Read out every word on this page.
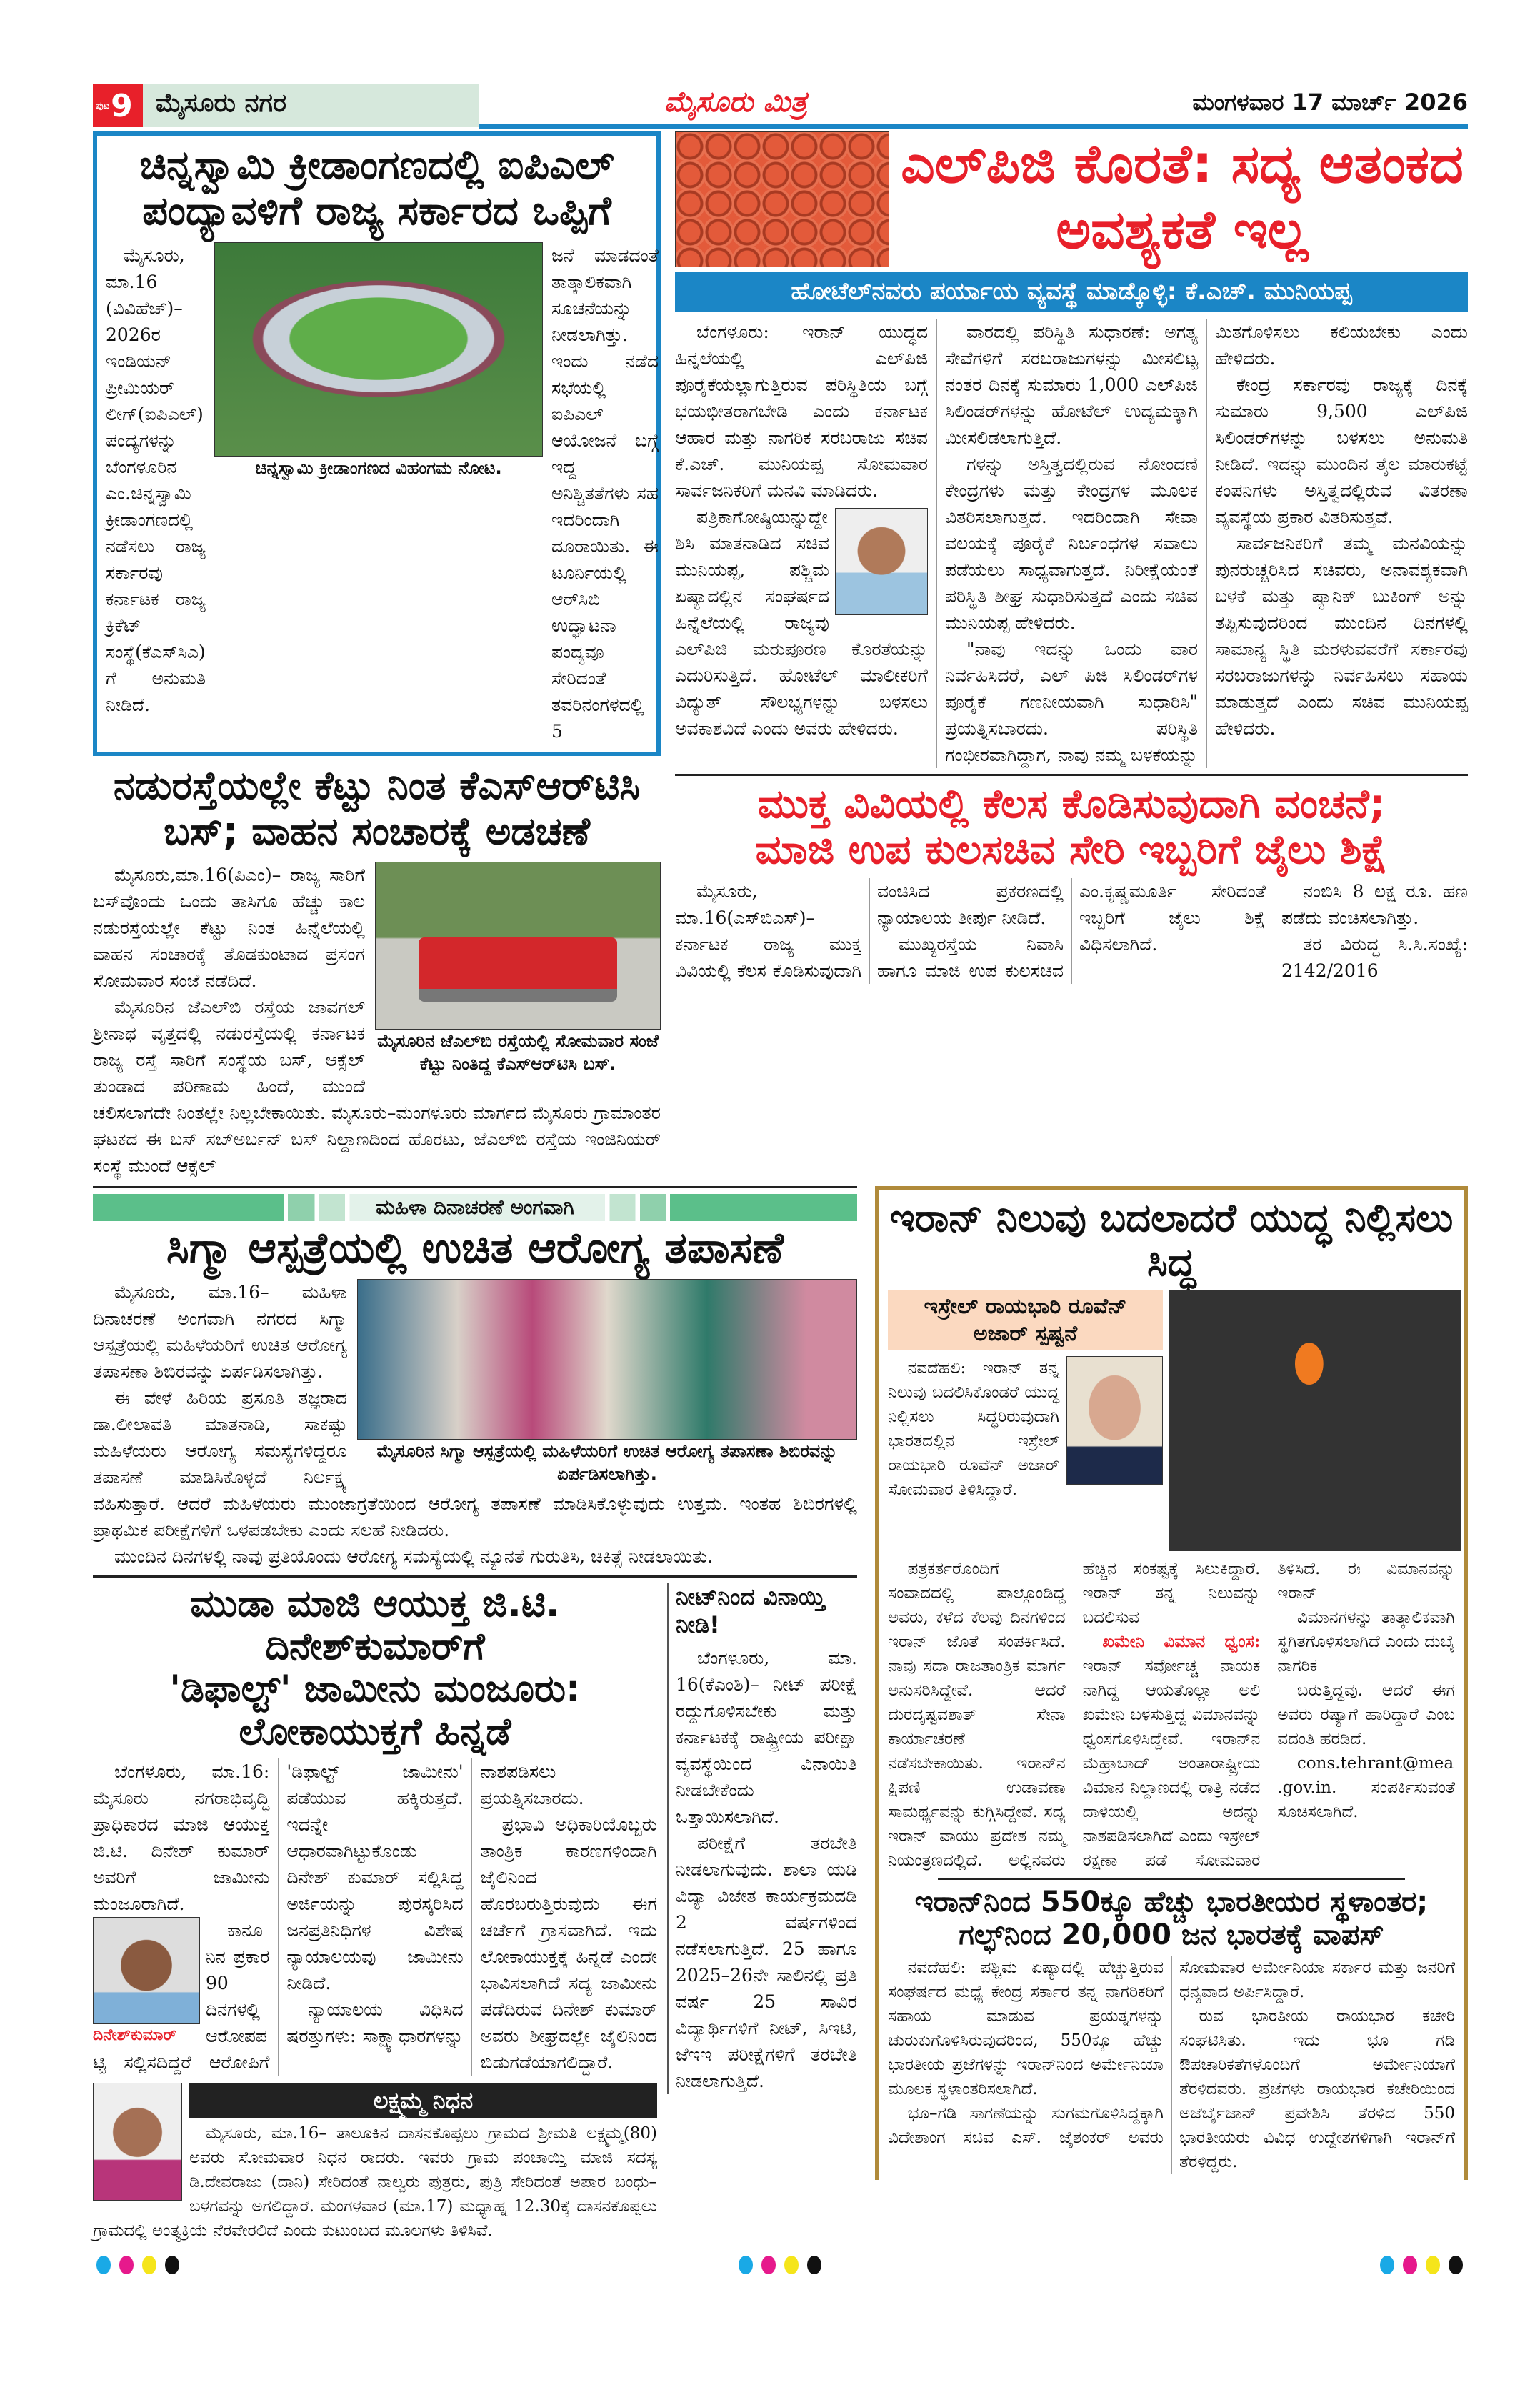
ಪುಟ 9 ಮೈಸೂರು ನಗರ	ಮೈಸೂರು ಮಿತ್ರ	ಮಂಗಳವಾರ 17 ಮಾರ್ಚ್ 2026
ಚಿನ್ನಸ್ವಾಮಿ ಕ್ರೀಡಾಂಗಣದಲ್ಲಿ ಐಪಿಎಲ್ ಪಂದ್ಯಾವಳಿಗೆ ರಾಜ್ಯ ಸರ್ಕಾರದ ಒಪ್ಪಿಗೆ
ಮೈಸೂರು, ಮಾ.16 (ವಿವಿಹೆಚ್)– 2026ರ ಇಂಡಿಯನ್ ಪ್ರೀಮಿಯರ್ ಲೀಗ್(ಐಪಿಎಲ್) ಪಂದ್ಯಗಳನ್ನು ಬೆಂಗಳೂರಿನ ಎಂ.ಚಿನ್ನಸ್ವಾಮಿ ಕ್ರೀಡಾಂಗಣದಲ್ಲಿ ನಡೆಸಲು ರಾಜ್ಯ ಸರ್ಕಾರವು ಕರ್ನಾಟಕ ರಾಜ್ಯ ಕ್ರಿಕೆಟ್ ಸಂಸ್ಥೆ(ಕೆಎಸ್‌ಸಿಎ)ಗೆ ಅನುಮತಿ ನೀಡಿದೆ.
ಚಿನ್ನಸ್ವಾಮಿ ಕ್ರೀಡಾಂಗಣದ ವಿಹಂಗಮ ನೋಟ.
ಜನೆ ಮಾಡದಂತೆ ತಾತ್ಕಾಲಿಕವಾಗಿ ಸೂಚನೆಯನ್ನು ನೀಡಲಾಗಿತ್ತು. ಇಂದು ನಡೆದ ಸಭೆಯಲ್ಲಿ ಐಪಿಎಲ್ ಆಯೋಜನೆ ಬಗ್ಗೆ ಇದ್ದ ಅನಿಶ್ಚಿತತೆಗಳು ಸಹ ಇದರಿಂದಾಗಿ ದೂರಾಯಿತು. ಈ ಟೂರ್ನಿಯಲ್ಲಿ ಆರ್‌ಸಿಬಿ ಉದ್ಘಾಟನಾ ಪಂದ್ಯವೂ ಸೇರಿದಂತೆ ತವರಿನಂಗಳದಲ್ಲಿ 5
ನಡುರಸ್ತೆಯಲ್ಲೇ ಕೆಟ್ಟು ನಿಂತ ಕೆಎಸ್‌ಆರ್‌ಟಿಸಿ ಬಸ್; ವಾಹನ ಸಂಚಾರಕ್ಕೆ ಅಡಚಣೆ
ಮೈಸೂರಿನ ಜೆಎಲ್‌ಬಿ ರಸ್ತೆಯಲ್ಲಿ ಸೋಮವಾರ ಸಂಜೆ ಕೆಟ್ಟು ನಿಂತಿದ್ದ ಕೆಎಸ್‌ಆರ್‌ಟಿಸಿ ಬಸ್.

ಮೈಸೂರು,ಮಾ.16(ಪಿಎಂ)– ರಾಜ್ಯ ಸಾರಿಗೆ ಬಸ್‌ವೊಂದು ಒಂದು ತಾಸಿಗೂ ಹೆಚ್ಚು ಕಾಲ ನಡುರಸ್ತೆಯಲ್ಲೇ ಕೆಟ್ಟು ನಿಂತ ಹಿನ್ನೆಲೆಯಲ್ಲಿ ವಾಹನ ಸಂಚಾರಕ್ಕೆ ತೊಡಕುಂಟಾದ ಪ್ರಸಂಗ ಸೋಮವಾರ ಸಂಜೆ ನಡೆದಿದೆ.

ಮೈಸೂರಿನ ಜೆಎಲ್‌ಬಿ ರಸ್ತೆಯ ಜಾವಗಲ್ ಶ್ರೀನಾಥ ವೃತ್ತದಲ್ಲಿ ನಡುರಸ್ತೆಯಲ್ಲಿ ಕರ್ನಾಟಕ ರಾಜ್ಯ ರಸ್ತೆ ಸಾರಿಗೆ ಸಂಸ್ಥೆಯ ಬಸ್, ಆಕ್ಸೆಲ್ ತುಂಡಾದ ಪರಿಣಾಮ ಹಿಂದೆ, ಮುಂದೆ ಚಲಿಸಲಾಗದೇ ನಿಂತಲ್ಲೇ ನಿಲ್ಲಬೇಕಾಯಿತು. ಮೈಸೂರು–ಮಂಗಳೂರು ಮಾರ್ಗದ ಮೈಸೂರು ಗ್ರಾಮಾಂತರ ಘಟಕದ ಈ ಬಸ್ ಸಬ್‌ಅರ್ಬನ್ ಬಸ್ ನಿಲ್ದಾಣದಿಂದ ಹೊರಟು, ಜೆಎಲ್‌ಬಿ ರಸ್ತೆಯ ಇಂಜಿನಿಯರ್ ಸಂಸ್ಥೆ ಮುಂದೆ ಆಕ್ಸೆಲ್

ಎಲ್‌ಪಿಜಿ ಕೊರತೆ: ಸದ್ಯ ಆತಂಕದ ಅವಶ್ಯಕತೆ ಇಲ್ಲ
ಹೋಟೆಲ್‌ನವರು ಪರ್ಯಾಯ ವ್ಯವಸ್ಥೆ ಮಾಡ್ಕೊಳ್ಳಿ: ಕೆ.ಎಚ್. ಮುನಿಯಪ್ಪ

ಬೆಂಗಳೂರು: ಇರಾನ್ ಯುದ್ಧದ ಹಿನ್ನಲೆಯಲ್ಲಿ ಎಲ್‌ಪಿಜಿ ಪೂರೈಕೆಯಲ್ಲಾಗುತ್ತಿರುವ ಪರಿಸ್ಥಿತಿಯ ಬಗ್ಗೆ ಭಯಭೀತರಾಗಬೇಡಿ ಎಂದು ಕರ್ನಾಟಕ ಆಹಾರ ಮತ್ತು ನಾಗರಿಕ ಸರಬರಾಜು ಸಚಿವ ಕೆ.ಎಚ್. ಮುನಿಯಪ್ಪ ಸೋಮವಾರ ಸಾರ್ವಜನಿಕರಿಗೆ ಮನವಿ ಮಾಡಿದರು.

ಪತ್ರಿಕಾಗೋಷ್ಠಿಯನ್ನುದ್ದೇಶಿಸಿ ಮಾತನಾಡಿದ ಸಚಿವ ಮುನಿಯಪ್ಪ, ಪಶ್ಚಿಮ ಏಷ್ಯಾದಲ್ಲಿನ ಸಂಘರ್ಷದ ಹಿನ್ನೆಲೆಯಲ್ಲಿ ರಾಜ್ಯವು ಎಲ್‌ಪಿಜಿ ಮರುಪೂರಣ ಕೊರತೆಯನ್ನು ಎದುರಿಸುತ್ತಿದೆ. ಹೋಟೆಲ್ ಮಾಲೀಕರಿಗೆ ವಿದ್ಯುತ್ ಸೌಲಭ್ಯಗಳನ್ನು ಬಳಸಲು ಅವಕಾಶವಿದೆ ಎಂದು ಅವರು ಹೇಳಿದರು.

ವಾರದಲ್ಲಿ ಪರಿಸ್ಥಿತಿ ಸುಧಾರಣೆ: ಅಗತ್ಯ ಸೇವೆಗಳಿಗೆ ಸರಬರಾಜುಗಳನ್ನು ಮೀಸಲಿಟ್ಟ ನಂತರ ದಿನಕ್ಕೆ ಸುಮಾರು 1,000 ಎಲ್‌ಪಿಜಿ ಸಿಲಿಂಡರ್‌ಗಳನ್ನು ಹೋಟೆಲ್ ಉದ್ಯಮಕ್ಕಾಗಿ ಮೀಸಲಿಡಲಾಗುತ್ತಿದೆ.

ಗಳನ್ನು ಅಸ್ತಿತ್ವದಲ್ಲಿರುವ ನೋಂದಣಿ ಕೇಂದ್ರಗಳು ಮತ್ತು ಕೇಂದ್ರಗಳ ಮೂಲಕ ವಿತರಿಸಲಾಗುತ್ತದೆ. ಇದರಿಂದಾಗಿ ಸೇವಾ ವಲಯಕ್ಕೆ ಪೂರೈಕೆ ನಿರ್ಬಂಧಗಳ ಸವಾಲು ಪಡೆಯಲು ಸಾಧ್ಯವಾಗುತ್ತದೆ. ನಿರೀಕ್ಷೆಯಂತೆ ಪರಿಸ್ಥಿತಿ ಶೀಘ್ರ ಸುಧಾರಿಸುತ್ತದೆ ಎಂದು ಸಚಿವ ಮುನಿಯಪ್ಪ ಹೇಳಿದರು.

"ನಾವು ಇದನ್ನು ಒಂದು ವಾರ ನಿರ್ವಹಿಸಿದರೆ, ಎಲ್ ಪಿಜಿ ಸಿಲಿಂಡರ್‌ಗಳ ಪೂರೈಕೆ ಗಣನೀಯವಾಗಿ ಸುಧಾರಿಸಿ" ಪ್ರಯತ್ನಿಸಬಾರದು. ಪರಿಸ್ಥಿತಿ ಗಂಭೀರವಾಗಿದ್ದಾಗ, ನಾವು ನಮ್ಮ ಬಳಕೆಯನ್ನು ಮಿತಗೊಳಿಸಲು ಕಲಿಯಬೇಕು ಎಂದು ಹೇಳಿದರು.

ಕೇಂದ್ರ ಸರ್ಕಾರವು ರಾಜ್ಯಕ್ಕೆ ದಿನಕ್ಕೆ ಸುಮಾರು 9,500 ಎಲ್‌ಪಿಜಿ ಸಿಲಿಂಡರ್‌ಗಳನ್ನು ಬಳಸಲು ಅನುಮತಿ ನೀಡಿದೆ. ಇದನ್ನು ಮುಂದಿನ ತೈಲ ಮಾರುಕಟ್ಟೆ ಕಂಪನಿಗಳು ಅಸ್ತಿತ್ವದಲ್ಲಿರುವ ವಿತರಣಾ ವ್ಯವಸ್ಥೆಯ ಪ್ರಕಾರ ವಿತರಿಸುತ್ತವೆ.

ಸಾರ್ವಜನಿಕರಿಗೆ ತಮ್ಮ ಮನವಿಯನ್ನು ಪುನರುಚ್ಚರಿಸಿದ ಸಚಿವರು, ಅನಾವಶ್ಯಕವಾಗಿ ಬಳಕೆ ಮತ್ತು ಪ್ಯಾನಿಕ್ ಬುಕಿಂಗ್ ಅನ್ನು ತಪ್ಪಿಸುವುದರಿಂದ ಮುಂದಿನ ದಿನಗಳಲ್ಲಿ ಸಾಮಾನ್ಯ ಸ್ಥಿತಿ ಮರಳುವವರೆಗೆ ಸರ್ಕಾರವು ಸರಬರಾಜುಗಳನ್ನು ನಿರ್ವಹಿಸಲು ಸಹಾಯ ಮಾಡುತ್ತದೆ ಎಂದು ಸಚಿವ ಮುನಿಯಪ್ಪ ಹೇಳಿದರು.

ಮುಕ್ತ ವಿವಿಯಲ್ಲಿ ಕೆಲಸ ಕೊಡಿಸುವುದಾಗಿ ವಂಚನೆ;
ಮಾಜಿ ಉಪ ಕುಲಸಚಿವ ಸೇರಿ ಇಬ್ಬರಿಗೆ ಜೈಲು ಶಿಕ್ಷೆ

ಮೈಸೂರು, ಮಾ.16(ಎಸ್‌ಬಿಎಸ್)– ಕರ್ನಾಟಕ ರಾಜ್ಯ ಮುಕ್ತ ವಿವಿಯಲ್ಲಿ ಕೆಲಸ ಕೊಡಿಸುವುದಾಗಿ ವಂಚಿಸಿದ ಪ್ರಕರಣದಲ್ಲಿ ನ್ಯಾಯಾಲಯ ತೀರ್ಪು ನೀಡಿದೆ.

ಮುಖ್ಯರಸ್ತೆಯ ನಿವಾಸಿ ಹಾಗೂ ಮಾಜಿ ಉಪ ಕುಲಸಚಿವ ಎಂ.ಕೃಷ್ಣಮೂರ್ತಿ ಸೇರಿದಂತೆ ಇಬ್ಬರಿಗೆ ಜೈಲು ಶಿಕ್ಷೆ ವಿಧಿಸಲಾಗಿದೆ.

ನಂಬಿಸಿ 8 ಲಕ್ಷ ರೂ. ಹಣ ಪಡೆದು ವಂಚಿಸಲಾಗಿತ್ತು.

ತರ ವಿರುದ್ಧ ಸಿ.ಸಿ.ಸಂಖ್ಯೆ: 2142/2016

ಮಹಿಳಾ ದಿನಾಚರಣೆ ಅಂಗವಾಗಿ
ಸಿಗ್ಮಾ ಆಸ್ಪತ್ರೆಯಲ್ಲಿ ಉಚಿತ ಆರೋಗ್ಯ ತಪಾಸಣೆ
ಮೈಸೂರಿನ ಸಿಗ್ಮಾ ಆಸ್ಪತ್ರೆಯಲ್ಲಿ ಮಹಿಳೆಯರಿಗೆ ಉಚಿತ ಆರೋಗ್ಯ ತಪಾಸಣಾ ಶಿಬಿರವನ್ನು ಏರ್ಪಡಿಸಲಾಗಿತ್ತು.

ಮೈಸೂರು, ಮಾ.16– ಮಹಿಳಾ ದಿನಾಚರಣೆ ಅಂಗವಾಗಿ ನಗರದ ಸಿಗ್ಮಾ ಆಸ್ಪತ್ರೆಯಲ್ಲಿ ಮಹಿಳೆಯರಿಗೆ ಉಚಿತ ಆರೋಗ್ಯ ತಪಾಸಣಾ ಶಿಬಿರವನ್ನು ಏರ್ಪಡಿಸಲಾಗಿತ್ತು.

ಈ ವೇಳೆ ಹಿರಿಯ ಪ್ರಸೂತಿ ತಜ್ಞರಾದ ಡಾ.ಲೀಲಾವತಿ ಮಾತನಾಡಿ, ಸಾಕಷ್ಟು ಮಹಿಳೆಯರು ಆರೋಗ್ಯ ಸಮಸ್ಯೆಗಳಿದ್ದರೂ ತಪಾಸಣೆ ಮಾಡಿಸಿಕೊಳ್ಳದೆ ನಿರ್ಲಕ್ಷ್ಯ ವಹಿಸುತ್ತಾರೆ. ಆದರೆ ಮಹಿಳೆಯರು ಮುಂಜಾಗ್ರತೆಯಿಂದ ಆರೋಗ್ಯ ತಪಾಸಣೆ ಮಾಡಿಸಿಕೊಳ್ಳುವುದು ಉತ್ತಮ. ಇಂತಹ ಶಿಬಿರಗಳಲ್ಲಿ ಪ್ರಾಥಮಿಕ ಪರೀಕ್ಷೆಗಳಿಗೆ ಒಳಪಡಬೇಕು ಎಂದು ಸಲಹೆ ನೀಡಿದರು.

ಮುಂದಿನ ದಿನಗಳಲ್ಲಿ ನಾವು ಪ್ರತಿಯೊಂದು ಆರೋಗ್ಯ ಸಮಸ್ಯೆಯಲ್ಲಿ ನ್ಯೂನತೆ ಗುರುತಿಸಿ, ಚಿಕಿತ್ಸೆ ನೀಡಲಾಯಿತು.

ಮುಡಾ ಮಾಜಿ ಆಯುಕ್ತ ಜಿ.ಟಿ. ದಿನೇಶ್‌ಕುಮಾರ್‌ಗೆ
'ಡಿಫಾಲ್ಟ್' ಜಾಮೀನು ಮಂಜೂರು: ಲೋಕಾಯುಕ್ತಗೆ ಹಿನ್ನಡೆ

ಬೆಂಗಳೂರು, ಮಾ.16: ಮೈಸೂರು ನಗರಾಭಿವೃದ್ಧಿ ಪ್ರಾಧಿಕಾರದ ಮಾಜಿ ಆಯುಕ್ತ ಜಿ.ಟಿ. ದಿನೇಶ್ ಕುಮಾರ್ ಅವರಿಗೆ ಜಾಮೀನು ಮಂಜೂರಾಗಿದೆ.

ದಿನೇಶ್‌ಕುಮಾರ್

ಕಾನೂನಿನ ಪ್ರಕಾರ 90 ದಿನಗಳಲ್ಲಿ ಆರೋಪಪಟ್ಟಿ ಸಲ್ಲಿಸದಿದ್ದರೆ ಆರೋಪಿಗೆ 'ಡಿಫಾಲ್ಟ್ ಜಾಮೀನು' ಪಡೆಯುವ ಹಕ್ಕಿರುತ್ತದೆ. ಇದನ್ನೇ ಆಧಾರವಾಗಿಟ್ಟುಕೊಂಡು ದಿನೇಶ್ ಕುಮಾರ್ ಸಲ್ಲಿಸಿದ್ದ ಅರ್ಜಿಯನ್ನು ಪುರಸ್ಕರಿಸಿದ ಜನಪ್ರತಿನಿಧಿಗಳ ವಿಶೇಷ ನ್ಯಾಯಾಲಯವು ಜಾಮೀನು ನೀಡಿದೆ.

ನ್ಯಾಯಾಲಯ ವಿಧಿಸಿದ ಷರತ್ತುಗಳು: ಸಾಕ್ಷ್ಯಾಧಾರಗಳನ್ನು ನಾಶಪಡಿಸಲು ಪ್ರಯತ್ನಿಸಬಾರದು.

ಪ್ರಭಾವಿ ಅಧಿಕಾರಿಯೊಬ್ಬರು ತಾಂತ್ರಿಕ ಕಾರಣಗಳಿಂದಾಗಿ ಜೈಲಿನಿಂದ ಹೊರಬರುತ್ತಿರುವುದು ಈಗ ಚರ್ಚೆಗೆ ಗ್ರಾಸವಾಗಿದೆ. ಇದು ಲೋಕಾಯುಕ್ತಕ್ಕೆ ಹಿನ್ನಡೆ ಎಂದೇ ಭಾವಿಸಲಾಗಿದೆ ಸದ್ಯ ಜಾಮೀನು ಪಡೆದಿರುವ ದಿನೇಶ್ ಕುಮಾರ್ ಅವರು ಶೀಘ್ರದಲ್ಲೇ ಜೈಲಿನಿಂದ ಬಿಡುಗಡೆಯಾಗಲಿದ್ದಾರೆ.

ಲಕ್ಷ್ಮಮ್ಮ ನಿಧನ
ಮೈಸೂರು, ಮಾ.16– ತಾಲೂಕಿನ ದಾಸನಕೊಪ್ಪಲು ಗ್ರಾಮದ ಶ್ರೀಮತಿ ಲಕ್ಷ್ಮಮ್ಮ(80) ಅವರು ಸೋಮವಾರ ನಿಧನ ರಾದರು. ಇವರು ಗ್ರಾಮ ಪಂಚಾಯ್ತಿ ಮಾಜಿ ಸದಸ್ಯ ಡಿ.ದೇವರಾಜು (ದಾನಿ) ಸೇರಿದಂತೆ ನಾಲ್ವರು ಪುತ್ರರು, ಪುತ್ರಿ ಸೇರಿದಂತೆ ಅಪಾರ ಬಂಧು–ಬಳಗವನ್ನು ಅಗಲಿದ್ದಾರೆ. ಮಂಗಳವಾರ (ಮಾ.17) ಮಧ್ಯಾಹ್ನ 12.30ಕ್ಕೆ ದಾಸನಕೊಪ್ಪಲು ಗ್ರಾಮದಲ್ಲಿ ಅಂತ್ಯಕ್ರಿಯೆ ನೆರವೇರಲಿದೆ ಎಂದು ಕುಟುಂಬದ ಮೂಲಗಳು ತಿಳಿಸಿವೆ.
ನೀಟ್‌ನಿಂದ ವಿನಾಯ್ತಿ ನೀಡಿ!

ಬೆಂಗಳೂರು, ಮಾ. 16(ಕೆಎಂಶಿ)– ನೀಟ್ ಪರೀಕ್ಷೆ ರದ್ದುಗೊಳಿಸಬೇಕು ಮತ್ತು ಕರ್ನಾಟಕಕ್ಕೆ ರಾಷ್ಟ್ರೀಯ ಪರೀಕ್ಷಾ ವ್ಯವಸ್ಥೆಯಿಂದ ವಿನಾಯಿತಿ ನೀಡಬೇಕೆಂದು ಒತ್ತಾಯಿಸಲಾಗಿದೆ.

ಪರೀಕ್ಷೆಗೆ ತರಬೇತಿ ನೀಡಲಾಗುವುದು. ಶಾಲಾ ಯಡಿ ವಿದ್ಯಾ ವಿಜೇತ ಕಾರ್ಯಕ್ರಮದಡಿ 2 ವರ್ಷಗಳಿಂದ ನಡೆಸಲಾಗುತ್ತಿದೆ. 25 ಹಾಗೂ 2025–26ನೇ ಸಾಲಿನಲ್ಲಿ ಪ್ರತಿ ವರ್ಷ 25 ಸಾವಿರ ವಿದ್ಯಾರ್ಥಿಗಳಿಗೆ ನೀಟ್, ಸಿಇಟಿ, ಜೆಇಇ ಪರೀಕ್ಷೆಗಳಿಗೆ ತರಬೇತಿ ನೀಡಲಾಗುತ್ತಿದೆ.

ಇರಾನ್ ನಿಲುವು ಬದಲಾದರೆ ಯುದ್ಧ ನಿಲ್ಲಿಸಲು ಸಿದ್ಧ
ಇಸ್ರೇಲ್ ರಾಯಭಾರಿ ರೂವೆನ್ ಅಜಾರ್ ಸ್ಪಷ್ಟನೆ

ನವದೆಹಲಿ: ಇರಾನ್ ತನ್ನ ನಿಲುವು ಬದಲಿಸಿಕೊಂಡರೆ ಯುದ್ಧ ನಿಲ್ಲಿಸಲು ಸಿದ್ಧರಿರುವುದಾಗಿ ಭಾರತದಲ್ಲಿನ ಇಸ್ರೇಲ್ ರಾಯಭಾರಿ ರೂವೆನ್ ಅಜಾರ್ ಸೋಮವಾರ ತಿಳಿಸಿದ್ದಾರೆ.

ಪತ್ರಕರ್ತರೊಂದಿಗೆ ಸಂವಾದದಲ್ಲಿ ಪಾಲ್ಗೊಂಡಿದ್ದ ಅವರು, ಕಳೆದ ಕೆಲವು ದಿನಗಳಿಂದ ಇರಾನ್ ಜೊತೆ ಸಂಪರ್ಕಿಸಿದೆ. ನಾವು ಸದಾ ರಾಜತಾಂತ್ರಿಕ ಮಾರ್ಗ ಅನುಸರಿಸಿದ್ದೇವೆ. ಆದರೆ ದುರದೃಷ್ಟವಶಾತ್ ಸೇನಾ ಕಾರ್ಯಾಚರಣೆ ನಡೆಸಬೇಕಾಯಿತು. ಇರಾನ್‌ನ ಕ್ಷಿಪಣಿ ಉಡಾವಣಾ ಸಾಮರ್ಥ್ಯವನ್ನು ಕುಗ್ಗಿಸಿದ್ದೇವೆ. ಸದ್ಯ ಇರಾನ್ ವಾಯು ಪ್ರದೇಶ ನಮ್ಮ ನಿಯಂತ್ರಣದಲ್ಲಿದೆ. ಅಲ್ಲಿನವರು ಹೆಚ್ಚಿನ ಸಂಕಷ್ಟಕ್ಕೆ ಸಿಲುಕಿದ್ದಾರೆ. ಇರಾನ್ ತನ್ನ ನಿಲುವನ್ನು ಬದಲಿಸುವ

ಖಮೇನಿ ವಿಮಾನ ಧ್ವಂಸ: ಇರಾನ್ ಸರ್ವೋಚ್ಚ ನಾಯಕ ನಾಗಿದ್ದ ಆಯತೊಲ್ಲಾ ಅಲಿ ಖಮೇನಿ ಬಳಸುತ್ತಿದ್ದ ವಿಮಾನವನ್ನು ಧ್ವಂಸಗೊಳಿಸಿದ್ದೇವೆ. ಇರಾನ್‌ನ ಮೆಹ್ರಾಬಾದ್ ಅಂತಾರಾಷ್ಟ್ರೀಯ ವಿಮಾನ ನಿಲ್ದಾಣದಲ್ಲಿ ರಾತ್ರಿ ನಡೆದ ದಾಳಿಯಲ್ಲಿ ಅದನ್ನು ನಾಶಪಡಿಸಲಾಗಿದೆ ಎಂದು ಇಸ್ರೇಲ್ ರಕ್ಷಣಾ ಪಡೆ ಸೋಮವಾರ ತಿಳಿಸಿದೆ. ಈ ವಿಮಾನವನ್ನು ಇರಾನ್

ವಿಮಾನಗಳನ್ನು ತಾತ್ಕಾಲಿಕವಾಗಿ ಸ್ಥಗಿತಗೊಳಿಸಲಾಗಿದೆ ಎಂದು ದುಬೈ ನಾಗರಿಕ

ಬರುತ್ತಿದ್ದವು. ಆದರೆ ಈಗ ಅವರು ರಷ್ಯಾಗೆ ಹಾರಿದ್ದಾರೆ ಎಂಬ ವದಂತಿ ಹರಡಿದೆ.

cons.tehrant@mea.gov.in. ಸಂಪರ್ಕಿಸುವಂತೆ ಸೂಚಿಸಲಾಗಿದೆ.

ಇರಾನ್‌ನಿಂದ 550ಕ್ಕೂ ಹೆಚ್ಚು ಭಾರತೀಯರ ಸ್ಥಳಾಂತರ;
ಗಲ್ಫ್‌ನಿಂದ 20,000 ಜನ ಭಾರತಕ್ಕೆ ವಾಪಸ್

ನವದೆಹಲಿ: ಪಶ್ಚಿಮ ಏಷ್ಯಾದಲ್ಲಿ ಹೆಚ್ಚುತ್ತಿರುವ ಸಂಘರ್ಷದ ಮಧ್ಯೆ ಕೇಂದ್ರ ಸರ್ಕಾರ ತನ್ನ ನಾಗರಿಕರಿಗೆ ಸಹಾಯ ಮಾಡುವ ಪ್ರಯತ್ನಗಳನ್ನು ಚುರುಕುಗೊಳಿಸಿರುವುದರಿಂದ, 550ಕ್ಕೂ ಹೆಚ್ಚು ಭಾರತೀಯ ಪ್ರಜೆಗಳನ್ನು ಇರಾನ್‌ನಿಂದ ಅರ್ಮೇನಿಯಾ ಮೂಲಕ ಸ್ಥಳಾಂತರಿಸಲಾಗಿದೆ.

ಭೂ–ಗಡಿ ಸಾಗಣೆಯನ್ನು ಸುಗಮಗೊಳಿಸಿದ್ದಕ್ಕಾಗಿ ವಿದೇಶಾಂಗ ಸಚಿವ ಎಸ್. ಜೈಶಂಕರ್ ಅವರು ಸೋಮವಾರ ಅರ್ಮೇನಿಯಾ ಸರ್ಕಾರ ಮತ್ತು ಜನರಿಗೆ ಧನ್ಯವಾದ ಅರ್ಪಿಸಿದ್ದಾರೆ.

ರುವ ಭಾರತೀಯ ರಾಯಭಾರ ಕಚೇರಿ ಸಂಘಟಿಸಿತು. ಇದು ಭೂ ಗಡಿ ಔಪಚಾರಿಕತೆಗಳೊಂದಿಗೆ ಅರ್ಮೇನಿಯಾಗೆ ತೆರಳಿದವರು. ಪ್ರಜೆಗಳು ರಾಯಭಾರ ಕಚೇರಿಯಿಂದ ಅಜೆರ್ಬೈಜಾನ್ ಪ್ರವೇಶಿಸಿ ತೆರಳಿದ 550 ಭಾರತೀಯರು ವಿವಿಧ ಉದ್ದೇಶಗಳಿಗಾಗಿ ಇರಾನ್‌ಗೆ ತೆರಳಿದ್ದರು.
